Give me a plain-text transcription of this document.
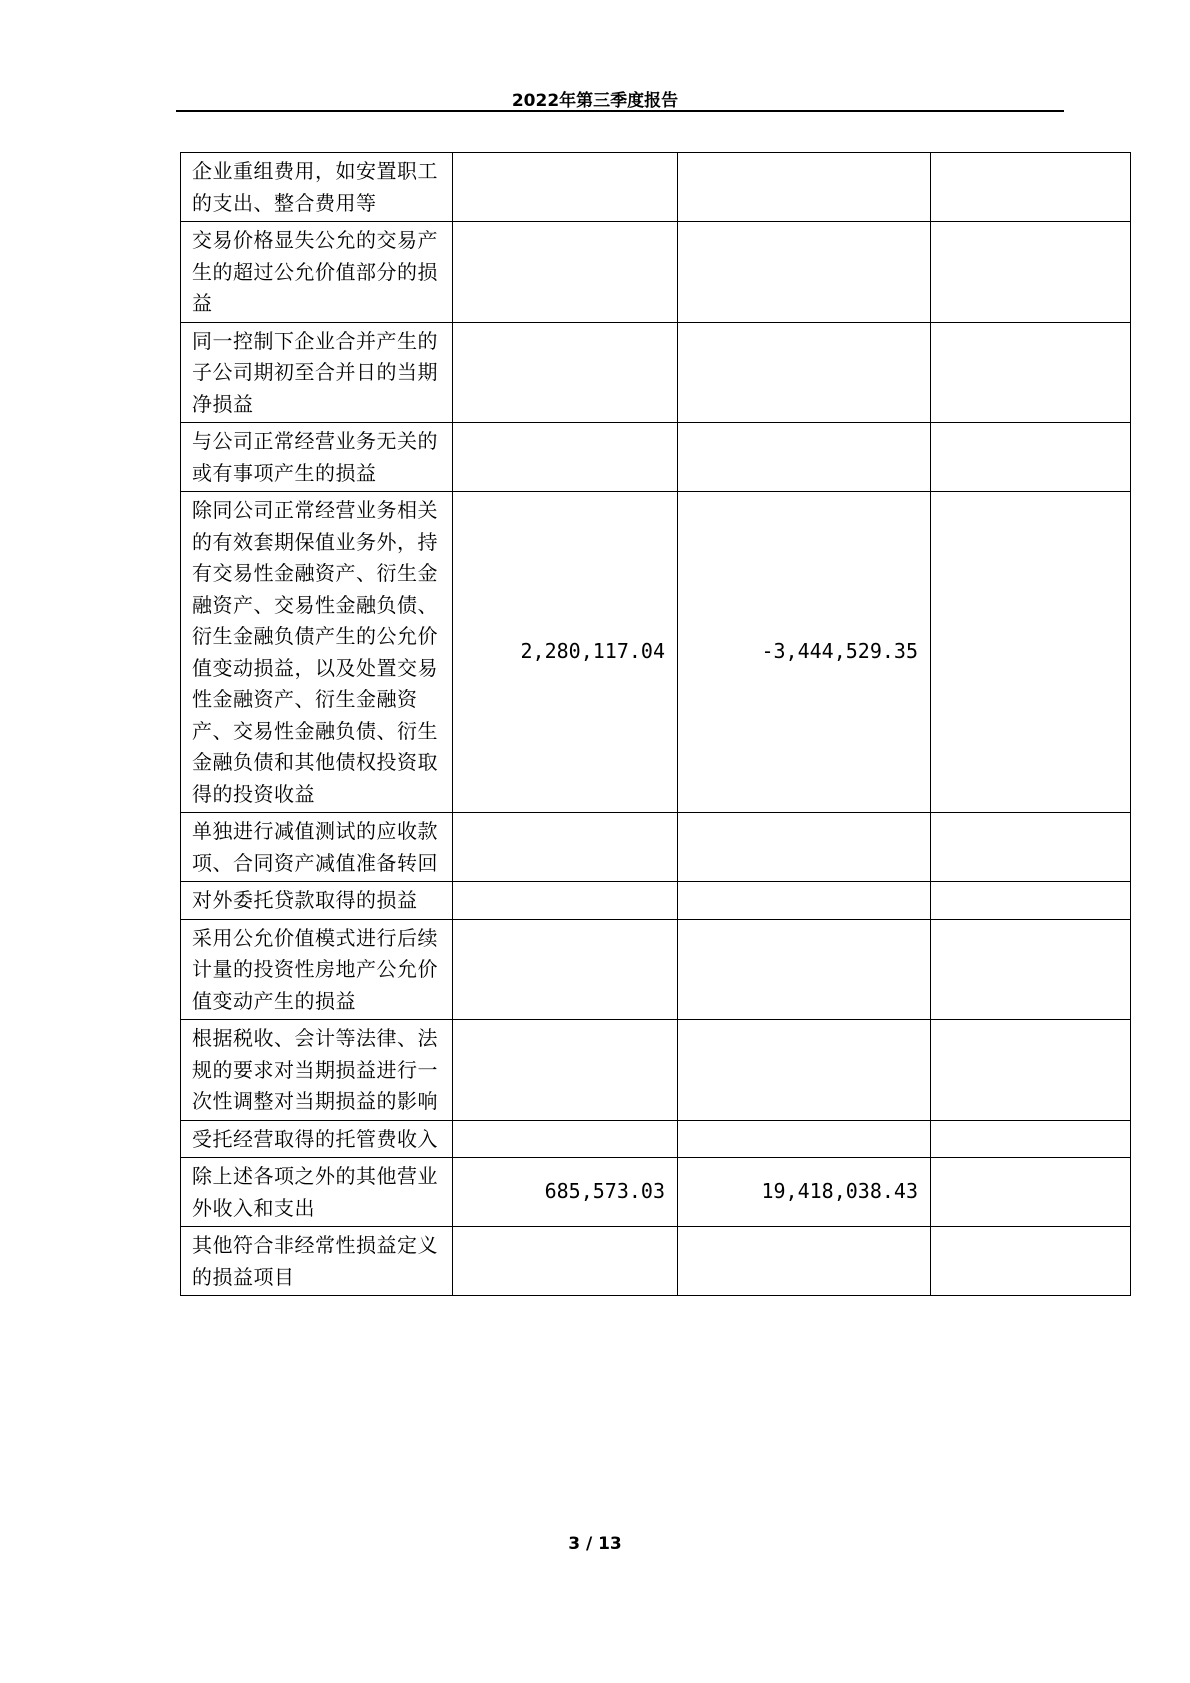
2022年第三季度报告
企业重组费用，如安置职工的支出、整合费用等			
交易价格显失公允的交易产生的超过公允价值部分的损益			
同一控制下企业合并产生的子公司期初至合并日的当期净损益			
与公司正常经营业务无关的或有事项产生的损益			
除同公司正常经营业务相关的有效套期保值业务外，持有交易性金融资产、衍生金融资产、交易性金融负债、衍生金融负债产生的公允价值变动损益，以及处置交易性金融资产、衍生金融资产、交易性金融负债、衍生金融负债和其他债权投资取得的投资收益	2,280,117.04	-3,444,529.35	
单独进行减值测试的应收款项、合同资产减值准备转回			
对外委托贷款取得的损益			
采用公允价值模式进行后续计量的投资性房地产公允价值变动产生的损益			
根据税收、会计等法律、法规的要求对当期损益进行一次性调整对当期损益的影响			
受托经营取得的托管费收入			
除上述各项之外的其他营业外收入和支出	685,573.03	19,418,038.43	
其他符合非经常性损益定义的损益项目			
3 / 13
